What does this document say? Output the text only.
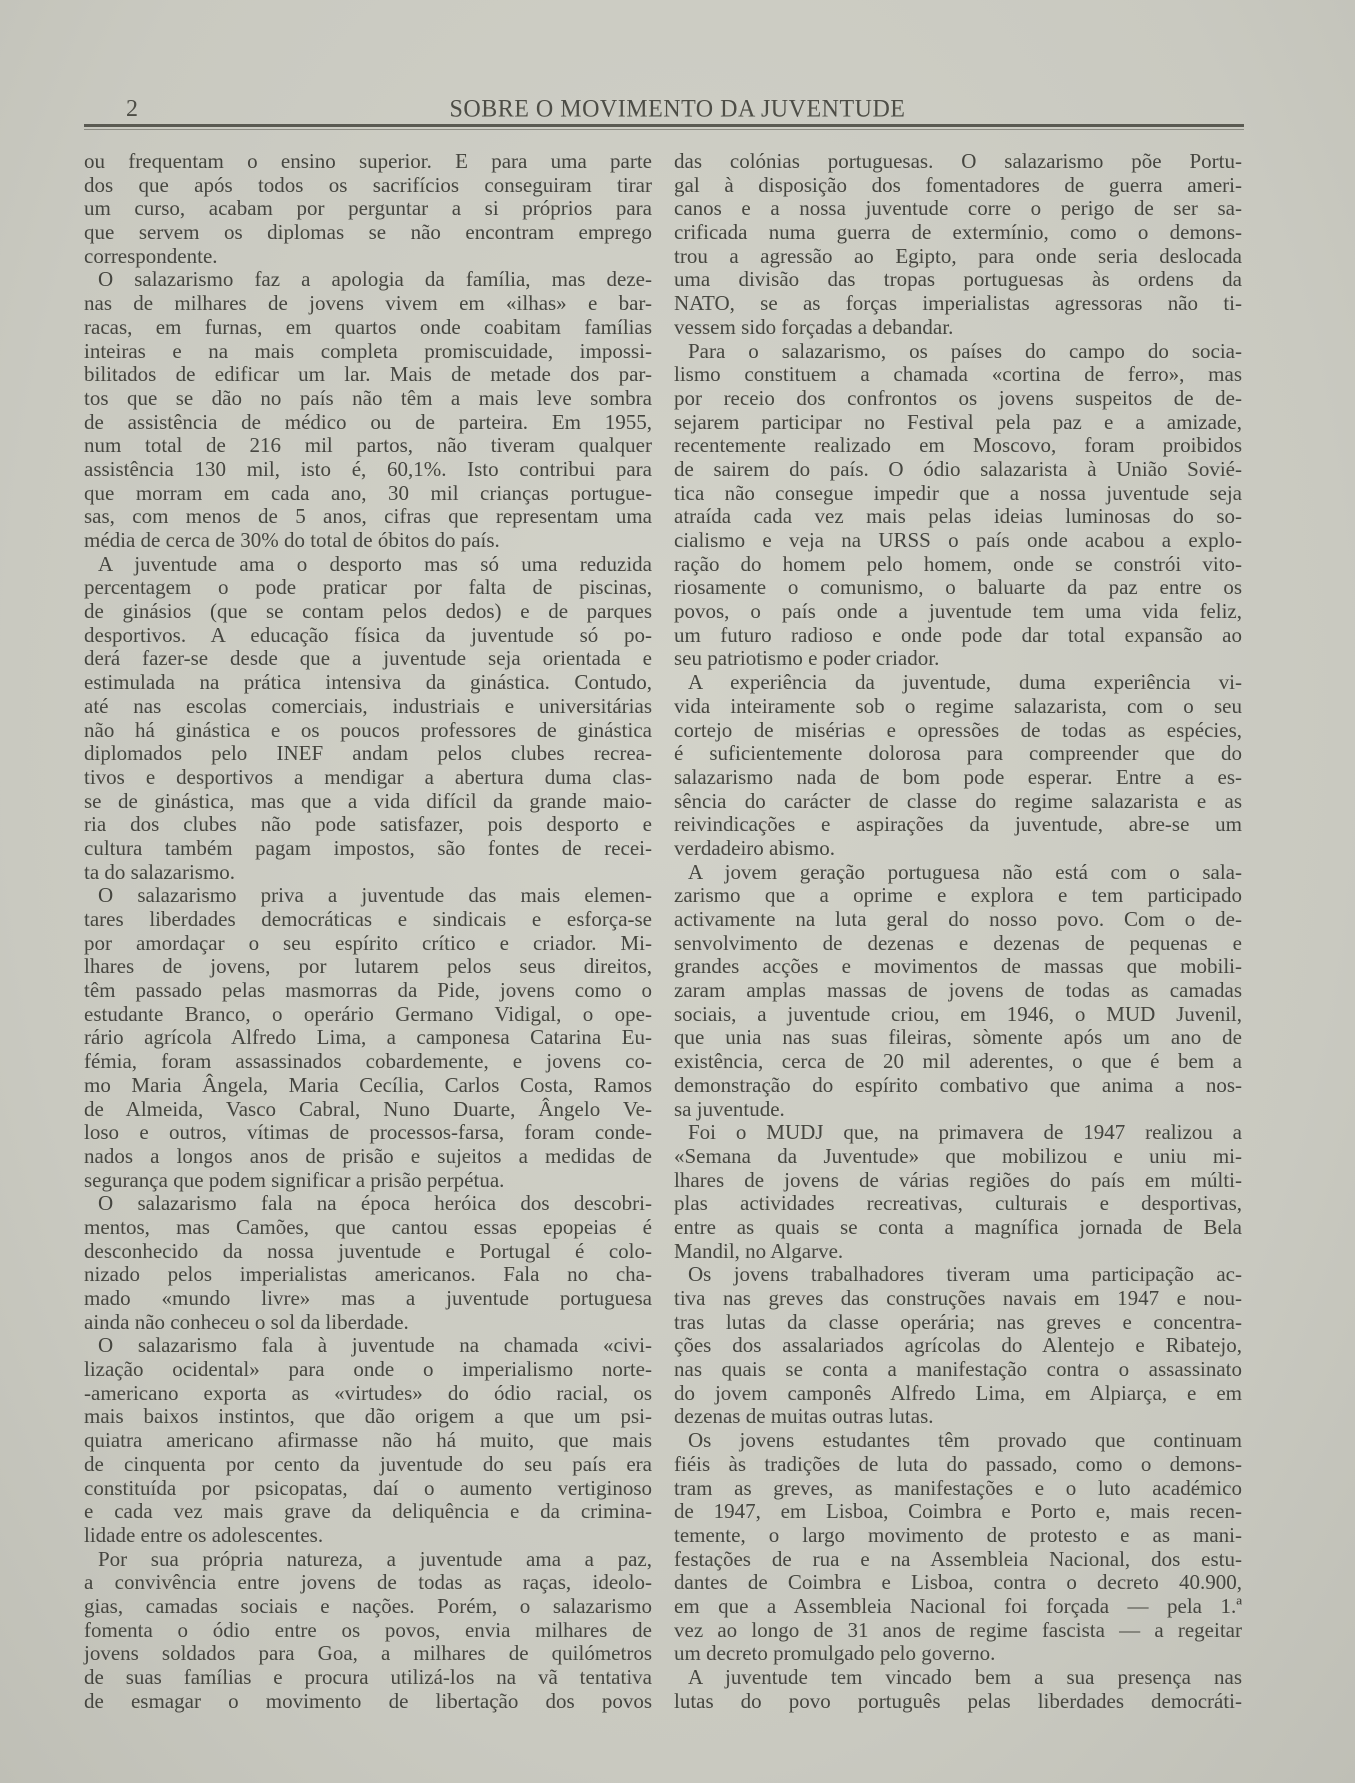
2	SOBRE O MOVIMENTO DA JUVENTUDE
ou frequentam o ensino superior. E para uma parte
dos que após todos os sacrifícios conseguiram tirar
um curso, acabam por perguntar a si próprios para
que servem os diplomas se não encontram emprego
correspondente.
O salazarismo faz a apologia da família, mas deze-
nas de milhares de jovens vivem em «ilhas» e bar-
racas, em furnas, em quartos onde coabitam famílias
inteiras e na mais completa promiscuidade, impossi-
bilitados de edificar um lar. Mais de metade dos par-
tos que se dão no país não têm a mais leve sombra
de assistência de médico ou de parteira. Em 1955,
num total de 216 mil partos, não tiveram qualquer
assistência 130 mil, isto é, 60,1%. Isto contribui para
que morram em cada ano, 30 mil crianças portugue-
sas, com menos de 5 anos, cifras que representam uma
média de cerca de 30% do total de óbitos do país.
A juventude ama o desporto mas só uma reduzida
percentagem o pode praticar por falta de piscinas,
de ginásios (que se contam pelos dedos) e de parques
desportivos. A educação física da juventude só po-
derá fazer-se desde que a juventude seja orientada e
estimulada na prática intensiva da ginástica. Contudo,
até nas escolas comerciais, industriais e universitárias
não há ginástica e os poucos professores de ginástica
diplomados pelo INEF andam pelos clubes recrea-
tivos e desportivos a mendigar a abertura duma clas-
se de ginástica, mas que a vida difícil da grande maio-
ria dos clubes não pode satisfazer, pois desporto e
cultura também pagam impostos, são fontes de recei-
ta do salazarismo.
O salazarismo priva a juventude das mais elemen-
tares liberdades democráticas e sindicais e esforça-se
por amordaçar o seu espírito crítico e criador. Mi-
lhares de jovens, por lutarem pelos seus direitos,
têm passado pelas masmorras da Pide, jovens como o
estudante Branco, o operário Germano Vidigal, o ope-
rário agrícola Alfredo Lima, a camponesa Catarina Eu-
fémia, foram assassinados cobardemente, e jovens co-
mo Maria Ângela, Maria Cecília, Carlos Costa, Ramos
de Almeida, Vasco Cabral, Nuno Duarte, Ângelo Ve-
loso e outros, vítimas de processos-farsa, foram conde-
nados a longos anos de prisão e sujeitos a medidas de
segurança que podem significar a prisão perpétua.
O salazarismo fala na época heróica dos descobri-
mentos, mas Camões, que cantou essas epopeias é
desconhecido da nossa juventude e Portugal é colo-
nizado pelos imperialistas americanos. Fala no cha-
mado «mundo livre» mas a juventude portuguesa
ainda não conheceu o sol da liberdade.
O salazarismo fala à juventude na chamada «civi-
lização ocidental» para onde o imperialismo norte-
-americano exporta as «virtudes» do ódio racial, os
mais baixos instintos, que dão origem a que um psi-
quiatra americano afirmasse não há muito, que mais
de cinquenta por cento da juventude do seu país era
constituída por psicopatas, daí o aumento vertiginoso
e cada vez mais grave da deliquência e da crimina-
lidade entre os adolescentes.
Por sua própria natureza, a juventude ama a paz,
a convivência entre jovens de todas as raças, ideolo-
gias, camadas sociais e nações. Porém, o salazarismo
fomenta o ódio entre os povos, envia milhares de
jovens soldados para Goa, a milhares de quilómetros
de suas famílias e procura utilizá-los na vã tentativa
de esmagar o movimento de libertação dos povos
das colónias portuguesas. O salazarismo põe Portu-
gal à disposição dos fomentadores de guerra ameri-
canos e a nossa juventude corre o perigo de ser sa-
crificada numa guerra de extermínio, como o demons-
trou a agressão ao Egipto, para onde seria deslocada
uma divisão das tropas portuguesas às ordens da
NATO, se as forças imperialistas agressoras não ti-
vessem sido forçadas a debandar.
Para o salazarismo, os países do campo do socia-
lismo constituem a chamada «cortina de ferro», mas
por receio dos confrontos os jovens suspeitos de de-
sejarem participar no Festival pela paz e a amizade,
recentemente realizado em Moscovo, foram proibidos
de sairem do país. O ódio salazarista à União Sovié-
tica não consegue impedir que a nossa juventude seja
atraída cada vez mais pelas ideias luminosas do so-
cialismo e veja na URSS o país onde acabou a explo-
ração do homem pelo homem, onde se constrói vito-
riosamente o comunismo, o baluarte da paz entre os
povos, o país onde a juventude tem uma vida feliz,
um futuro radioso e onde pode dar total expansão ao
seu patriotismo e poder criador.
A experiência da juventude, duma experiência vi-
vida inteiramente sob o regime salazarista, com o seu
cortejo de misérias e opressões de todas as espécies,
é suficientemente dolorosa para compreender que do
salazarismo nada de bom pode esperar. Entre a es-
sência do carácter de classe do regime salazarista e as
reivindicações e aspirações da juventude, abre-se um
verdadeiro abismo.
A jovem geração portuguesa não está com o sala-
zarismo que a oprime e explora e tem participado
activamente na luta geral do nosso povo. Com o de-
senvolvimento de dezenas e dezenas de pequenas e
grandes acções e movimentos de massas que mobili-
zaram amplas massas de jovens de todas as camadas
sociais, a juventude criou, em 1946, o MUD Juvenil,
que unia nas suas fileiras, sòmente após um ano de
existência, cerca de 20 mil aderentes, o que é bem a
demonstração do espírito combativo que anima a nos-
sa juventude.
Foi o MUDJ que, na primavera de 1947 realizou a
«Semana da Juventude» que mobilizou e uniu mi-
lhares de jovens de várias regiões do país em múlti-
plas actividades recreativas, culturais e desportivas,
entre as quais se conta a magnífica jornada de Bela
Mandil, no Algarve.
Os jovens trabalhadores tiveram uma participação ac-
tiva nas greves das construções navais em 1947 e nou-
tras lutas da classe operária; nas greves e concentra-
ções dos assalariados agrícolas do Alentejo e Ribatejo,
nas quais se conta a manifestação contra o assassinato
do jovem camponês Alfredo Lima, em Alpiarça, e em
dezenas de muitas outras lutas.
Os jovens estudantes têm provado que continuam
fiéis às tradições de luta do passado, como o demons-
tram as greves, as manifestações e o luto académico
de 1947, em Lisboa, Coimbra e Porto e, mais recen-
temente, o largo movimento de protesto e as mani-
festações de rua e na Assembleia Nacional, dos estu-
dantes de Coimbra e Lisboa, contra o decreto 40.900,
em que a Assembleia Nacional foi forçada — pela 1.ª
vez ao longo de 31 anos de regime fascista — a regeitar
um decreto promulgado pelo governo.
A juventude tem vincado bem a sua presença nas
lutas do povo português pelas liberdades democráti-
